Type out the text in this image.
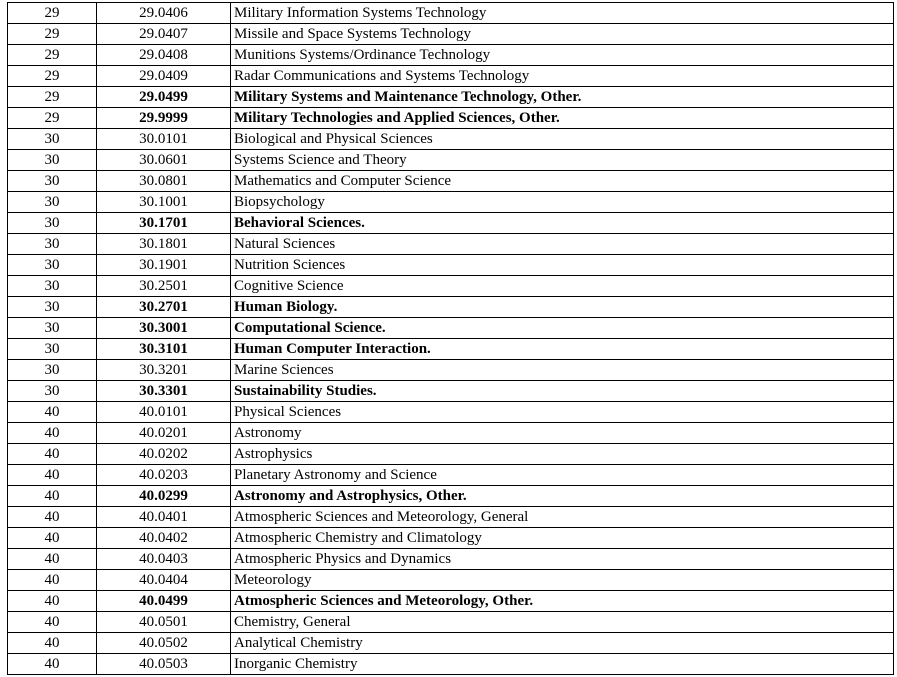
29	29.0406	Military Information Systems Technology
29	29.0407	Missile and Space Systems Technology
29	29.0408	Munitions Systems/Ordinance Technology
29	29.0409	Radar Communications and Systems Technology
29	29.0499	Military Systems and Maintenance Technology, Other.
29	29.9999	Military Technologies and Applied Sciences, Other.
30	30.0101	Biological and Physical Sciences
30	30.0601	Systems Science and Theory
30	30.0801	Mathematics and Computer Science
30	30.1001	Biopsychology
30	30.1701	Behavioral Sciences.
30	30.1801	Natural Sciences
30	30.1901	Nutrition Sciences
30	30.2501	Cognitive Science
30	30.2701	Human Biology.
30	30.3001	Computational Science.
30	30.3101	Human Computer Interaction.
30	30.3201	Marine Sciences
30	30.3301	Sustainability Studies.
40	40.0101	Physical Sciences
40	40.0201	Astronomy
40	40.0202	Astrophysics
40	40.0203	Planetary Astronomy and Science
40	40.0299	Astronomy and Astrophysics, Other.
40	40.0401	Atmospheric Sciences and Meteorology, General
40	40.0402	Atmospheric Chemistry and Climatology
40	40.0403	Atmospheric Physics and Dynamics
40	40.0404	Meteorology
40	40.0499	Atmospheric Sciences and Meteorology, Other.
40	40.0501	Chemistry, General
40	40.0502	Analytical Chemistry
40	40.0503	Inorganic Chemistry
